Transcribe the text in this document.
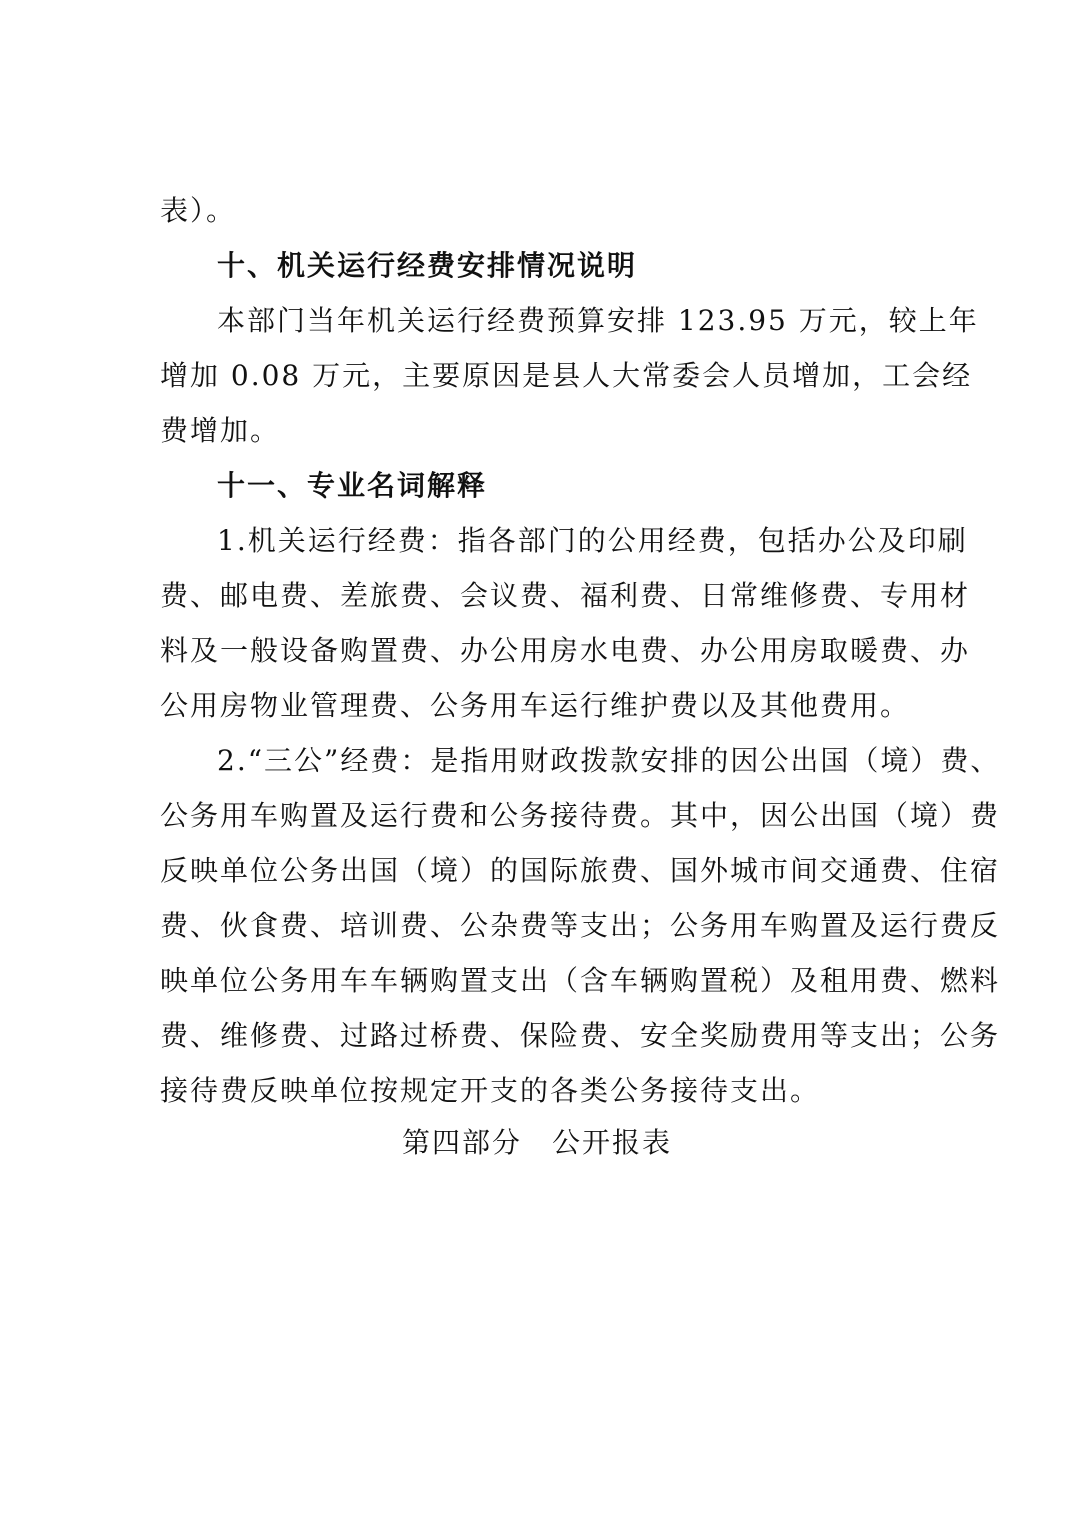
表）。

十、机关运行经费安排情况说明

本部门当年机关运行经费预算安排 123.95 万元，较上年

增加 0.08 万元，主要原因是县人大常委会人员增加，工会经

费增加。

十一、专业名词解释

1.机关运行经费：指各部门的公用经费，包括办公及印刷

费、邮电费、差旅费、会议费、福利费、日常维修费、专用材

料及一般设备购置费、办公用房水电费、办公用房取暖费、办

公用房物业管理费、公务用车运行维护费以及其他费用。

2.“三公”经费：是指用财政拨款安排的因公出国（境）费、

公务用车购置及运行费和公务接待费。其中，因公出国（境）费

反映单位公务出国（境）的国际旅费、国外城市间交通费、住宿

费、伙食费、培训费、公杂费等支出；公务用车购置及运行费反

映单位公务用车车辆购置支出（含车辆购置税）及租用费、燃料

费、维修费、过路过桥费、保险费、安全奖励费用等支出；公务

接待费反映单位按规定开支的各类公务接待支出。

第四部分　公开报表
